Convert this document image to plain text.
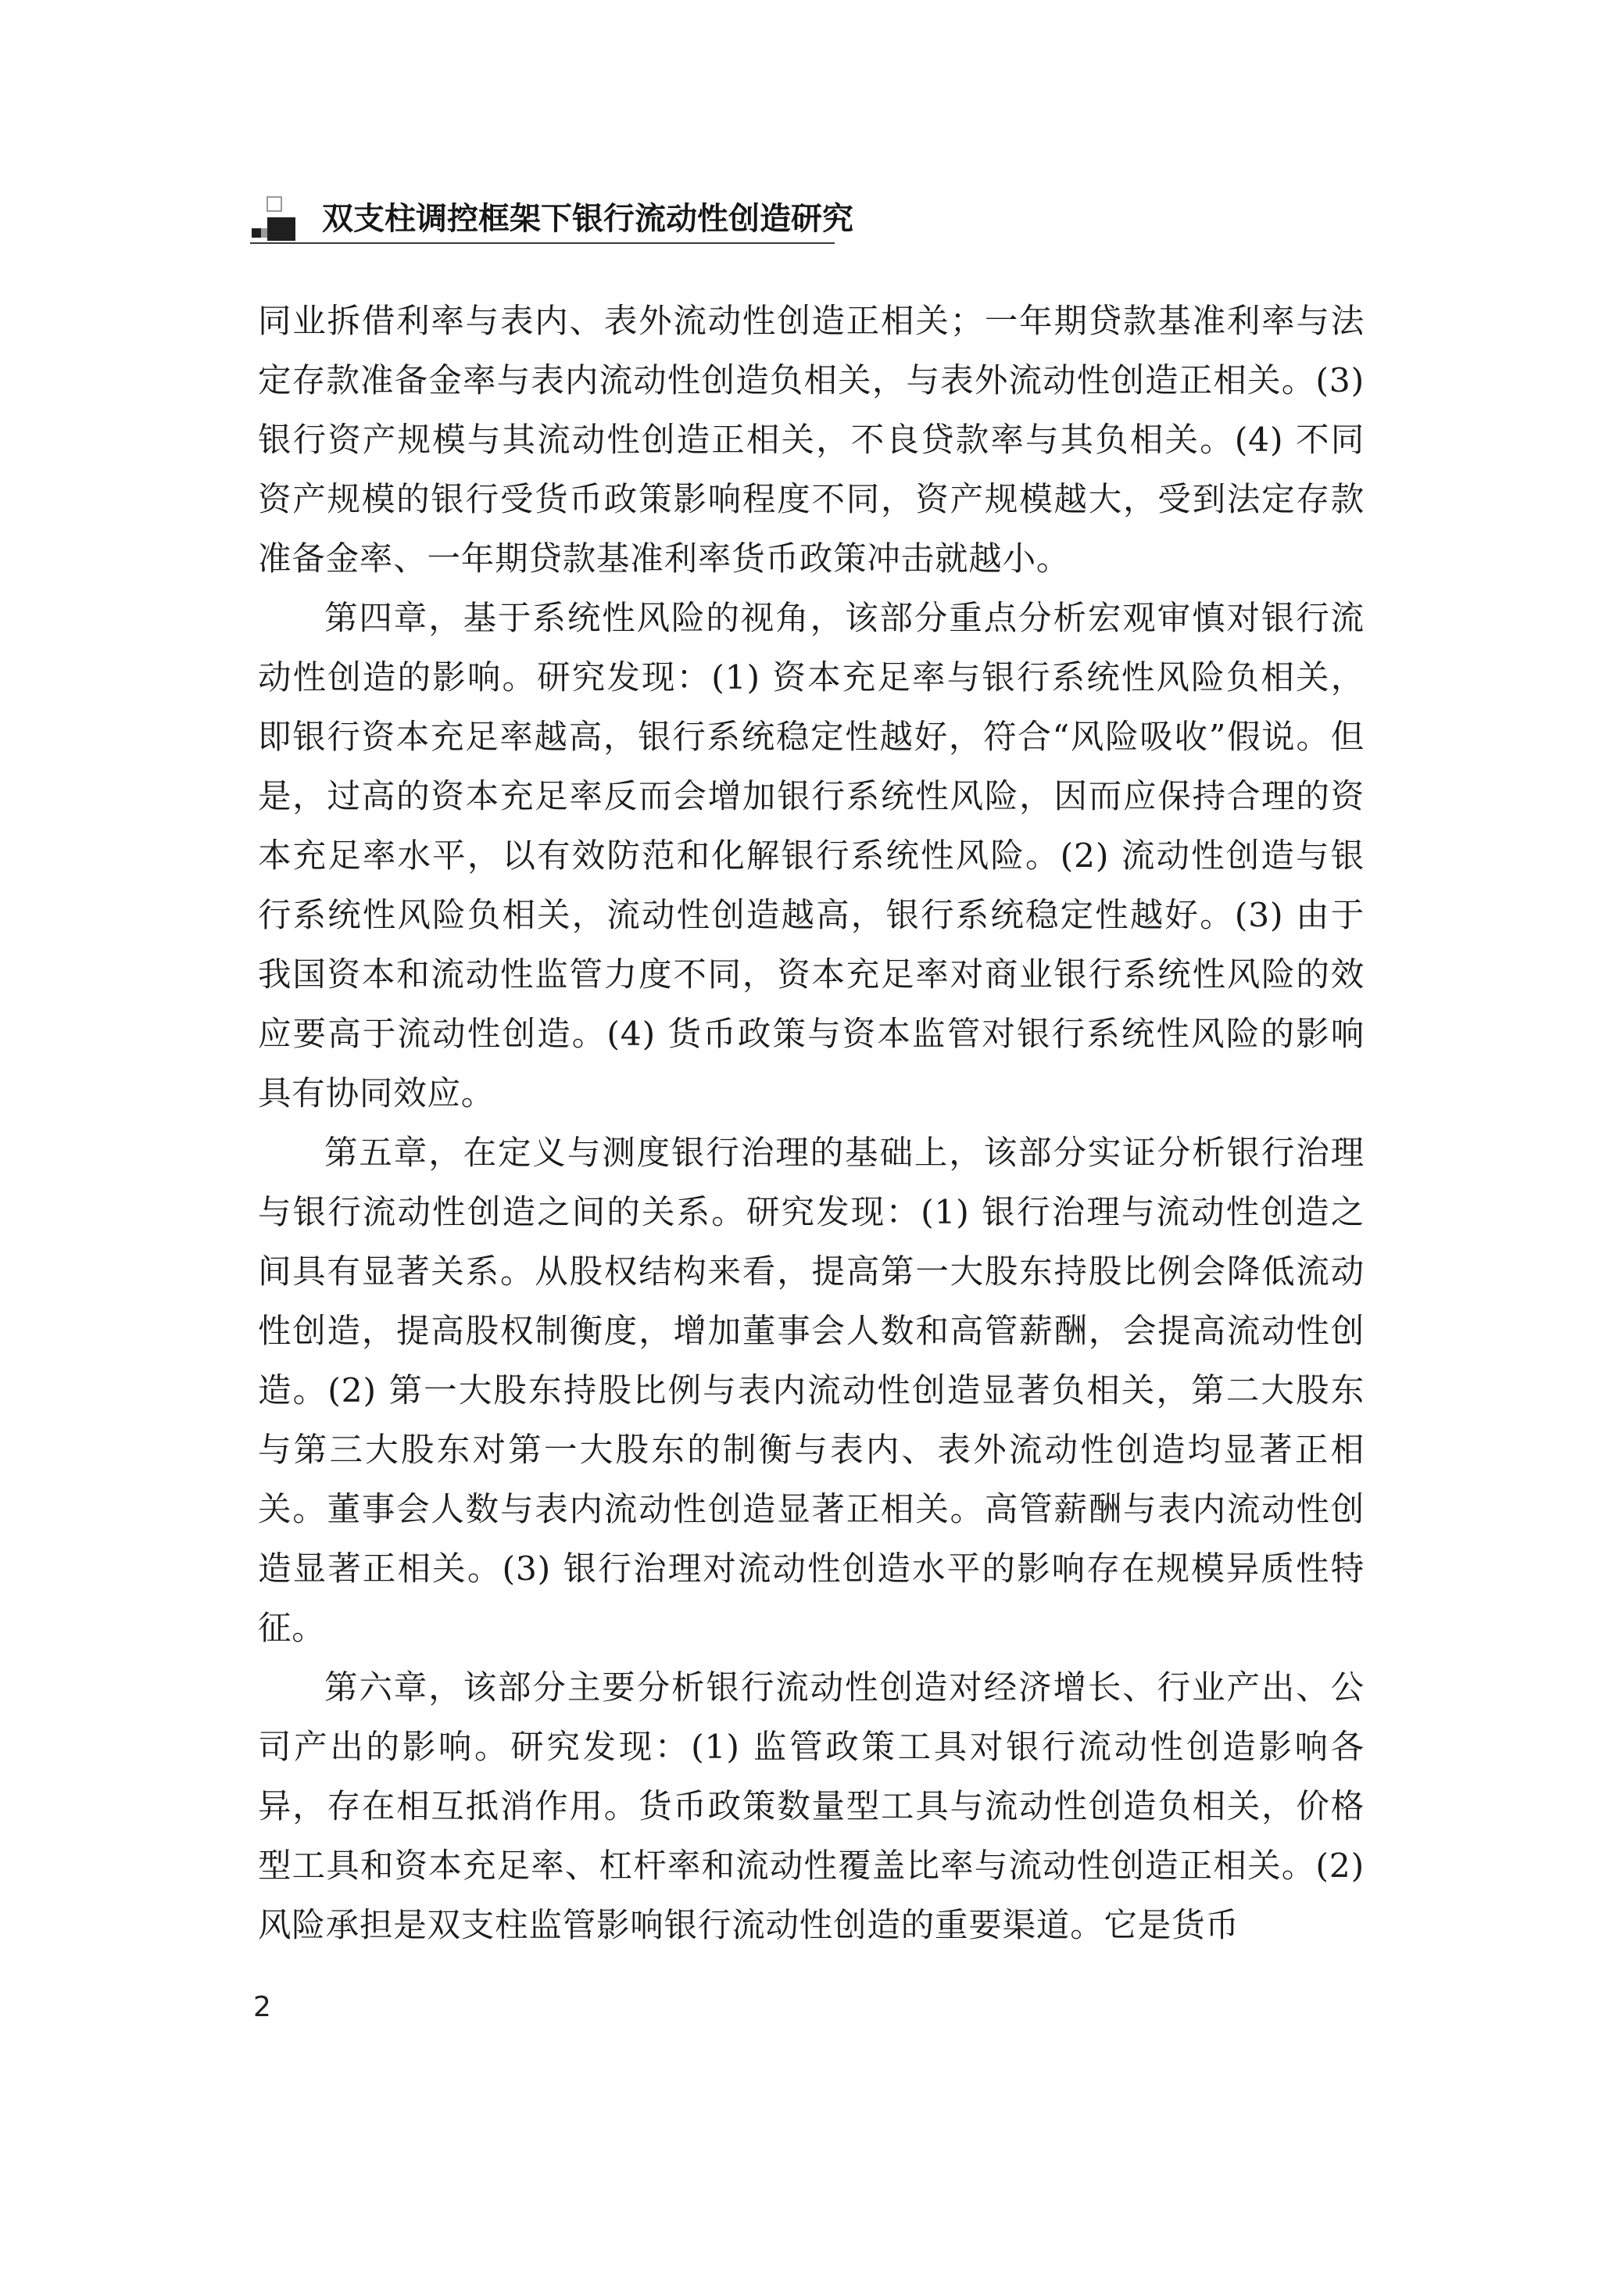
双支柱调控框架下银行流动性创造研究

同业拆借利率与表内、表外流动性创造正相关；一年期贷款基准利率与法定存款准备金率与表内流动性创造负相关，与表外流动性创造正相关。(3) 银行资产规模与其流动性创造正相关，不良贷款率与其负相关。(4) 不同资产规模的银行受货币政策影响程度不同，资产规模越大，受到法定存款准备金率、一年期贷款基准利率货币政策冲击就越小。

第四章，基于系统性风险的视角，该部分重点分析宏观审慎对银行流动性创造的影响。研究发现：(1) 资本充足率与银行系统性风险负相关，即银行资本充足率越高，银行系统稳定性越好，符合“风险吸收”假说。但是，过高的资本充足率反而会增加银行系统性风险，因而应保持合理的资本充足率水平，以有效防范和化解银行系统性风险。(2) 流动性创造与银行系统性风险负相关，流动性创造越高，银行系统稳定性越好。(3) 由于我国资本和流动性监管力度不同，资本充足率对商业银行系统性风险的效应要高于流动性创造。(4) 货币政策与资本监管对银行系统性风险的影响具有协同效应。

第五章，在定义与测度银行治理的基础上，该部分实证分析银行治理与银行流动性创造之间的关系。研究发现：(1) 银行治理与流动性创造之间具有显著关系。从股权结构来看，提高第一大股东持股比例会降低流动性创造，提高股权制衡度，增加董事会人数和高管薪酬，会提高流动性创造。(2) 第一大股东持股比例与表内流动性创造显著负相关，第二大股东与第三大股东对第一大股东的制衡与表内、表外流动性创造均显著正相关。董事会人数与表内流动性创造显著正相关。高管薪酬与表内流动性创造显著正相关。(3) 银行治理对流动性创造水平的影响存在规模异质性特征。

第六章，该部分主要分析银行流动性创造对经济增长、行业产出、公司产出的影响。研究发现：(1) 监管政策工具对银行流动性创造影响各异，存在相互抵消作用。货币政策数量型工具与流动性创造负相关，价格型工具和资本充足率、杠杆率和流动性覆盖比率与流动性创造正相关。(2) 风险承担是双支柱监管影响银行流动性创造的重要渠道。它是货币

2
